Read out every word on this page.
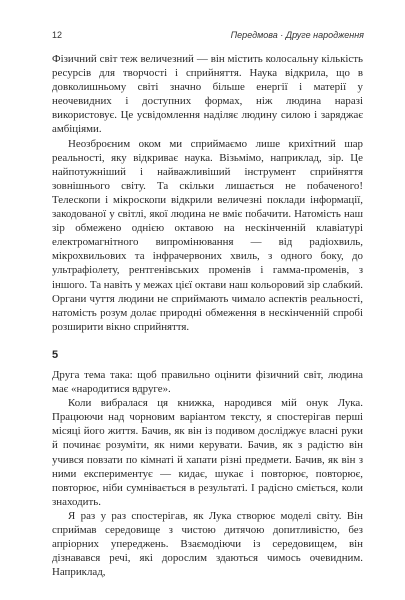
12	Передмова · Друге народження

Фізичний світ теж величезний — він містить колосальну кількість ресурсів для творчості і сприйняття. Наука відкрила, що в довколишньому світі значно більше енергії і матерії у неочевидних і доступних формах, ніж людина наразі використовує. Це усвідомлення наділяє людину силою і заряджає амбіціями.

Неозброєним оком ми сприймаємо лише крихітний шар реальності, яку відкриває наука. Візьмімо, наприклад, зір. Це найпотужніший і найважливіший інструмент сприйняття зовнішнього світу. Та скільки лишається не побаченого! Телескопи і мікроскопи відкрили величезні поклади інформації, закодованої у світлі, якої людина не вміє побачити. Натомість наш зір обмежено однією октавою на нескінченній клавіатурі електромагнітного випромінювання — від радіохвиль, мікрохвильових та інфрачервоних хвиль, з одного боку, до ультрафіолету, рентгенівських променів і гамма-променів, з іншого. Та навіть у межах цієї октави наш кольоровий зір слабкий. Органи чуття людини не сприймають чимало аспектів реальності, натомість розум долає природні обмеження в нескінченній спробі розширити вікно сприйняття.

5

Друга тема така: щоб правильно оцінити фізичний світ, людина має «народитися вдруге».

Коли вибралася ця книжка, народився мій онук Лука. Працюючи над чорновим варіантом тексту, я спостерігав перші місяці його життя. Бачив, як він із подивом досліджує власні руки й починає розуміти, як ними керувати. Бачив, як з радістю він учився повзати по кімнаті й хапати різні предмети. Бачив, як він з ними експериментує — кидає, шукає і повторює, повторює, повторює, ніби сумнівається в результаті. І радісно сміється, коли знаходить.

Я раз у раз спостерігав, як Лука створює моделі світу. Він сприймав середовище з чистою дитячою допитливістю, без апріорних упереджень. Взаємодіючи із середовищем, він дізнавався речі, які дорослим здаються чимось очевидним. Наприклад,
